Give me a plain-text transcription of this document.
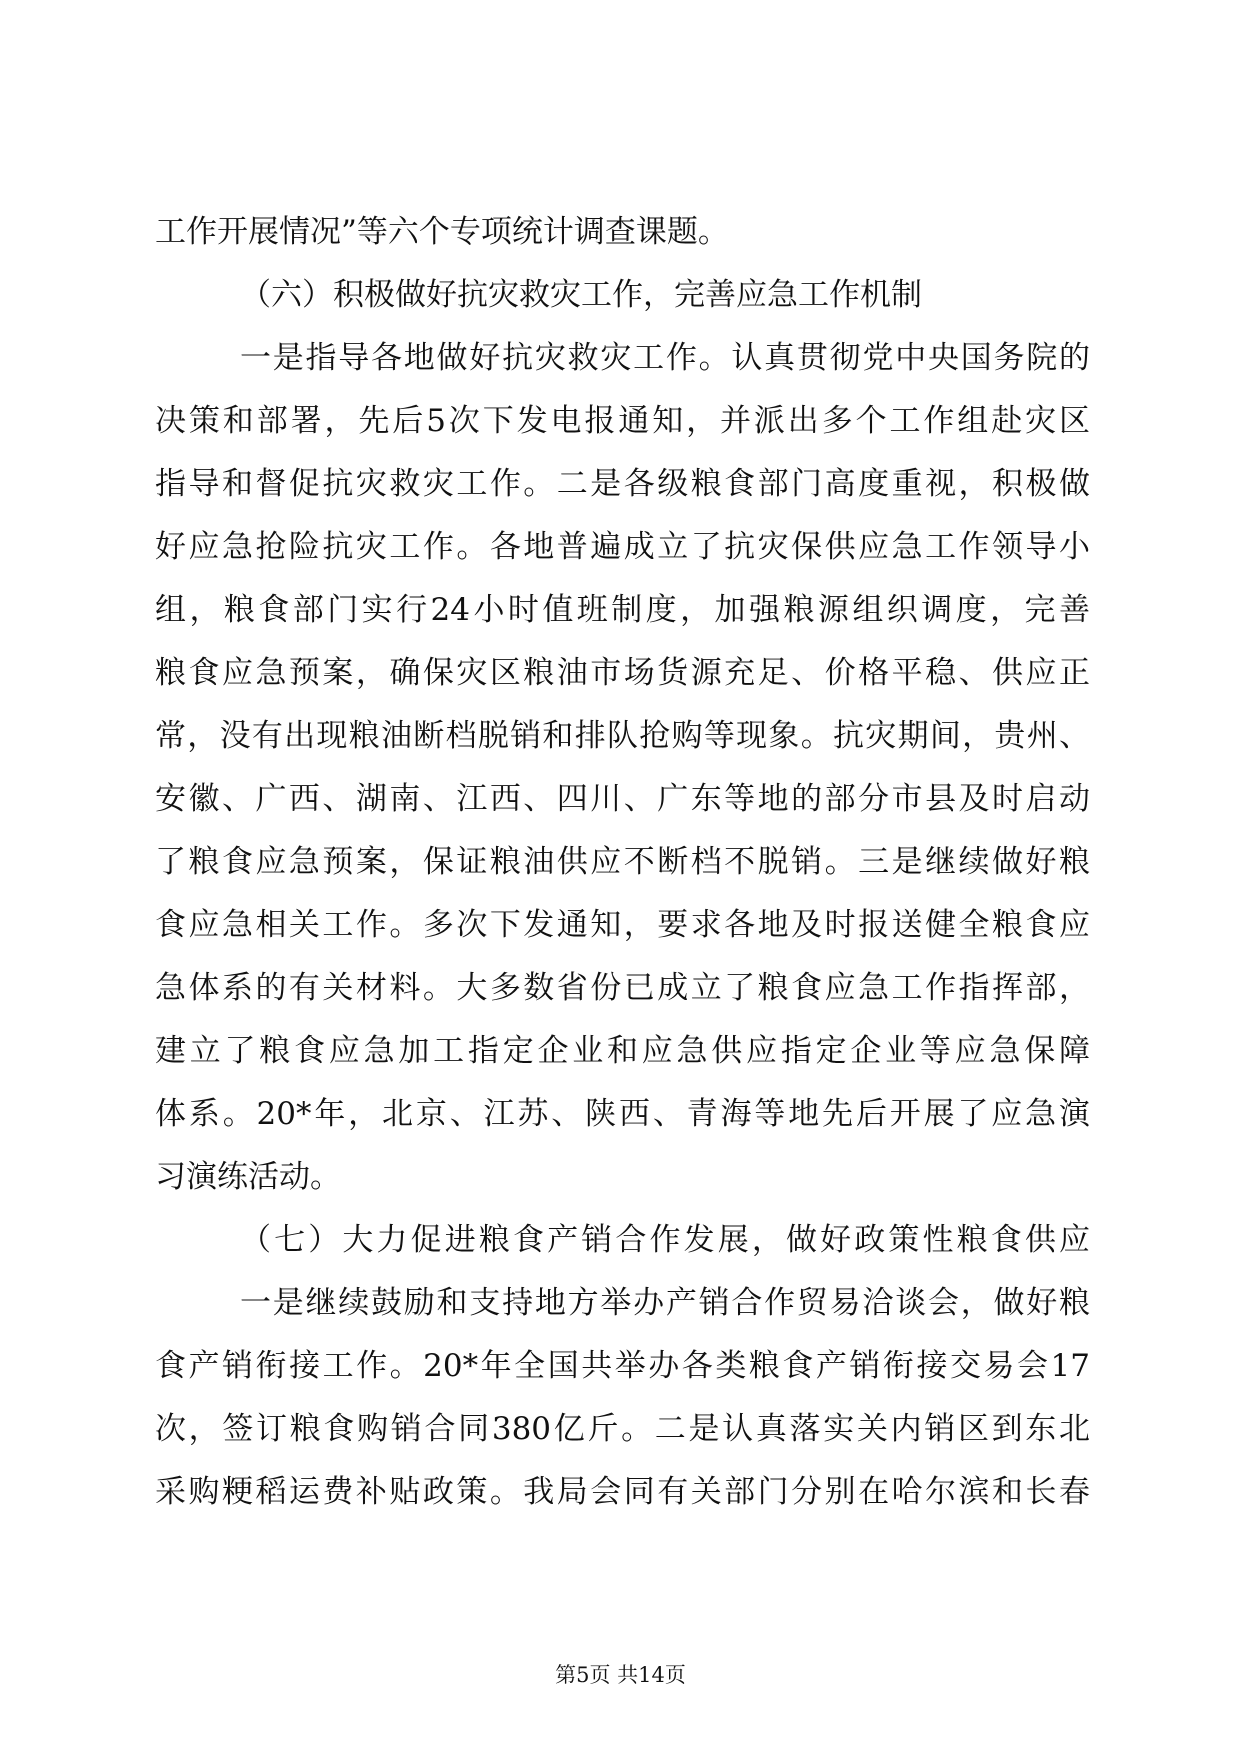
工作开展情况”等六个专项统计调查课题。
（六）积极做好抗灾救灾工作，完善应急工作机制
一是指导各地做好抗灾救灾工作。认真贯彻党中央国务院的
决策和部署，先后5次下发电报通知，并派出多个工作组赴灾区
指导和督促抗灾救灾工作。二是各级粮食部门高度重视，积极做
好应急抢险抗灾工作。各地普遍成立了抗灾保供应急工作领导小
组，粮食部门实行24小时值班制度，加强粮源组织调度，完善
粮食应急预案，确保灾区粮油市场货源充足、价格平稳、供应正
常，没有出现粮油断档脱销和排队抢购等现象。抗灾期间，贵州、
安徽、广西、湖南、江西、四川、广东等地的部分市县及时启动
了粮食应急预案，保证粮油供应不断档不脱销。三是继续做好粮
食应急相关工作。多次下发通知，要求各地及时报送健全粮食应
急体系的有关材料。大多数省份已成立了粮食应急工作指挥部，
建立了粮食应急加工指定企业和应急供应指定企业等应急保障
体系。20*年，北京、江苏、陕西、青海等地先后开展了应急演
习演练活动。
（七）大力促进粮食产销合作发展，做好政策性粮食供应
一是继续鼓励和支持地方举办产销合作贸易洽谈会，做好粮
食产销衔接工作。20*年全国共举办各类粮食产销衔接交易会17
次，签订粮食购销合同380亿斤。二是认真落实关内销区到东北
采购粳稻运费补贴政策。我局会同有关部门分别在哈尔滨和长春
第5页 共14页
